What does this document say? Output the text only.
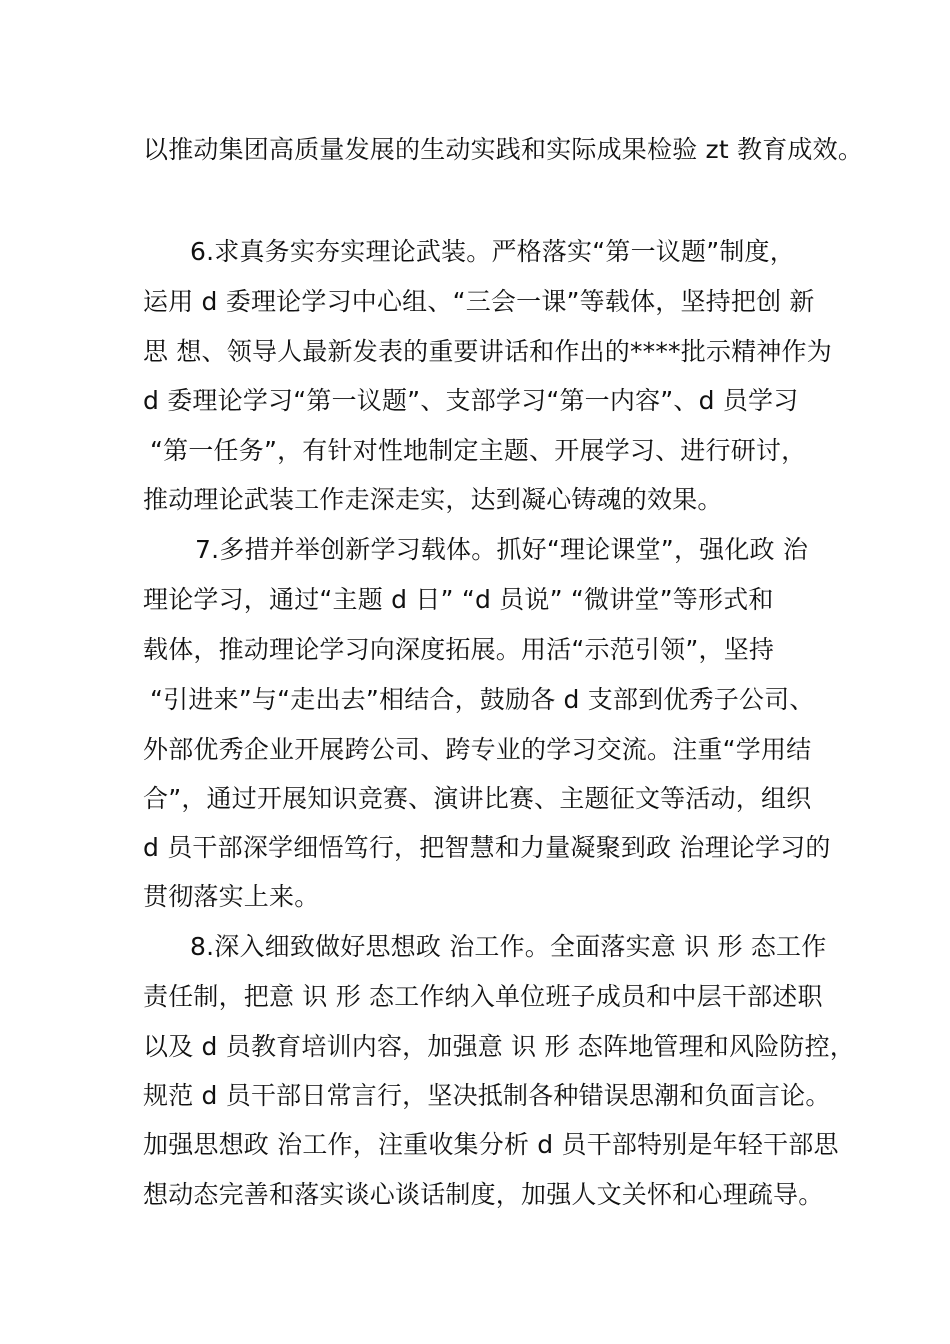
以推动集团高质量发展的生动实践和实际成果检验 zt 教育成效。
6.求真务实夯实理论武装。严格落实“第一议题”制度，
运用 d 委理论学习中心组、“三会一课”等载体，坚持把创 新
思 想、领导人最新发表的重要讲话和作出的****批示精神作为
d 委理论学习“第一议题”、支部学习“第一内容”、d 员学习
“第一任务”，有针对性地制定主题、开展学习、进行研讨，
推动理论武装工作走深走实，达到凝心铸魂的效果。
7.多措并举创新学习载体。抓好“理论课堂”，强化政 治
理论学习，通过“主题 d 日” “d 员说” “微讲堂”等形式和
载体，推动理论学习向深度拓展。用活“示范引领”，坚持
“引进来”与“走出去”相结合，鼓励各 d 支部到优秀子公司、
外部优秀企业开展跨公司、跨专业的学习交流。注重“学用结
合”，通过开展知识竞赛、演讲比赛、主题征文等活动，组织
d 员干部深学细悟笃行，把智慧和力量凝聚到政 治理论学习的
贯彻落实上来。
8.深入细致做好思想政 治工作。全面落实意 识 形 态工作
责任制，把意 识 形 态工作纳入单位班子成员和中层干部述职
以及 d 员教育培训内容，加强意 识 形 态阵地管理和风险防控，
规范 d 员干部日常言行，坚决抵制各种错误思潮和负面言论。
加强思想政 治工作，注重收集分析 d 员干部特别是年轻干部思
想动态完善和落实谈心谈话制度，加强人文关怀和心理疏导。
